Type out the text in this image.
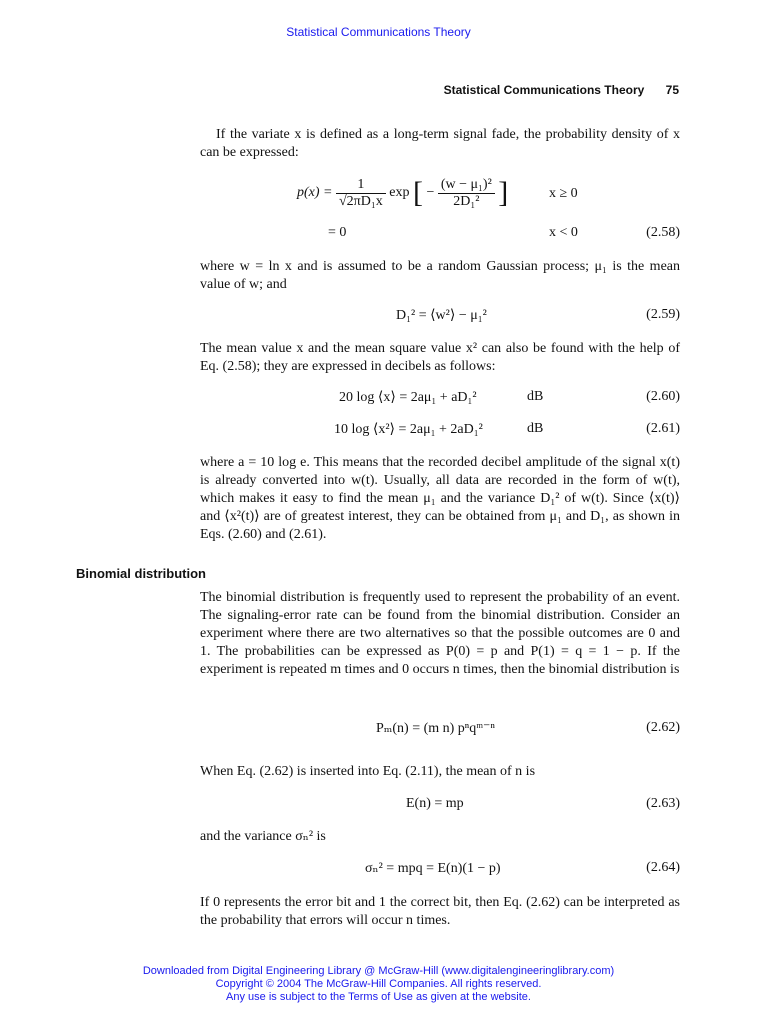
Statistical Communications Theory
Statistical Communications Theory 75
If the variate x is defined as a long-term signal fade, the probability density of x can be expressed:
$p(x) = \frac{1}{\text{√2πD₁x}}$ exp [ − $\frac{\text{(w − μ₁)²}}{\text{2D₁²}}$ ]	x ≥ 0
= 0	x < 0	(2.58)
where w = ln x and is assumed to be a random Gaussian process; μ₁ is the mean value of w; and
D₁² = ⟨w²⟩ − μ₁²	(2.59)
The mean value x and the mean square value x² can also be found with the help of Eq. (2.58); they are expressed in decibels as follows:
20 log ⟨x⟩ = 2aμ₁ + aD₁²	dB	(2.60)
10 log ⟨x²⟩ = 2aμ₁ + 2aD₁²	dB	(2.61)
where a = 10 log e. This means that the recorded decibel amplitude of the signal x(t) is already converted into w(t). Usually, all data are recorded in the form of w(t), which makes it easy to find the mean μ₁ and the variance D₁² of w(t). Since ⟨x(t)⟩ and ⟨x²(t)⟩ are of greatest interest, they can be obtained from μ₁ and D₁, as shown in Eqs. (2.60) and (2.61).
Binomial distribution
The binomial distribution is frequently used to represent the probability of an event. The signaling-error rate can be found from the binomial distribution. Consider an experiment where there are two alternatives so that the possible outcomes are 0 and 1. The probabilities can be expressed as P(0) = p and P(1) = q = 1 − p. If the experiment is repeated m times and 0 occurs n times, then the binomial distribution is
Pₘ(n) = (m n) pⁿqᵐ⁻ⁿ	(2.62)
When Eq. (2.62) is inserted into Eq. (2.11), the mean of n is
E(n) = mp	(2.63)
and the variance σₙ² is
σₙ² = mpq = E(n)(1 − p)	(2.64)
If 0 represents the error bit and 1 the correct bit, then Eq. (2.62) can be interpreted as the probability that errors will occur n times.
Downloaded from Digital Engineering Library @ McGraw-Hill (www.digitalengineeringlibrary.com)
Copyright © 2004 The McGraw-Hill Companies. All rights reserved.
Any use is subject to the Terms of Use as given at the website.
